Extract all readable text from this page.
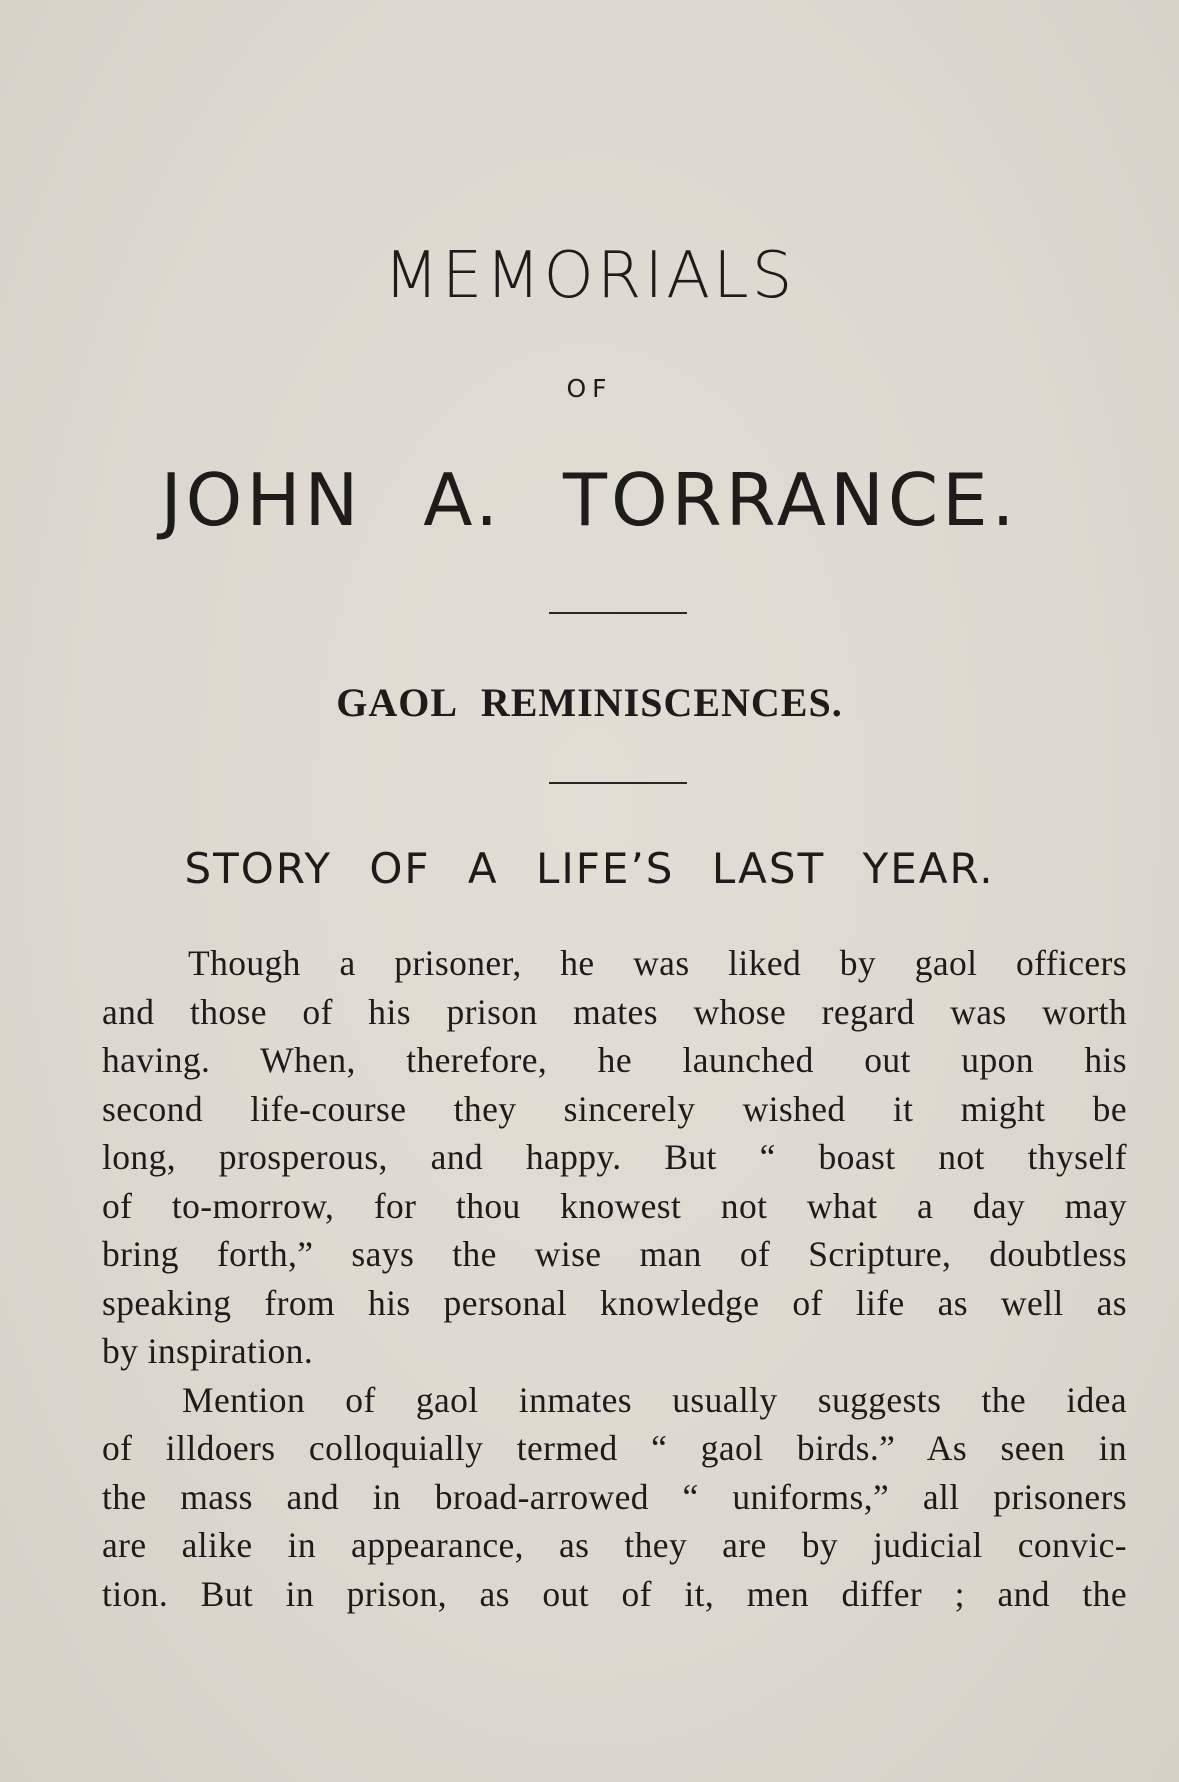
MEMORIALS
OF
JOHN A. TORRANCE.
GAOL REMINISCENCES.
STORY OF A LIFE’S LAST YEAR.

Though a prisoner, he was liked by gaol officers
and those of his prison mates whose regard was worth
having. When, therefore, he launched out upon his
second life-course they sincerely wished it might be
long, prosperous, and happy. But “ boast not thyself
of to-morrow, for thou knowest not what a day may
bring forth,” says the wise man of Scripture, doubtless
speaking from his personal knowledge of life as well as
by inspiration.

Mention of gaol inmates usually suggests the idea
of illdoers colloquially termed “ gaol birds.” As seen in
the mass and in broad-arrowed “ uniforms,” all prisoners
are alike in appearance, as they are by judicial convic-
tion. But in prison, as out of it, men differ ; and the
